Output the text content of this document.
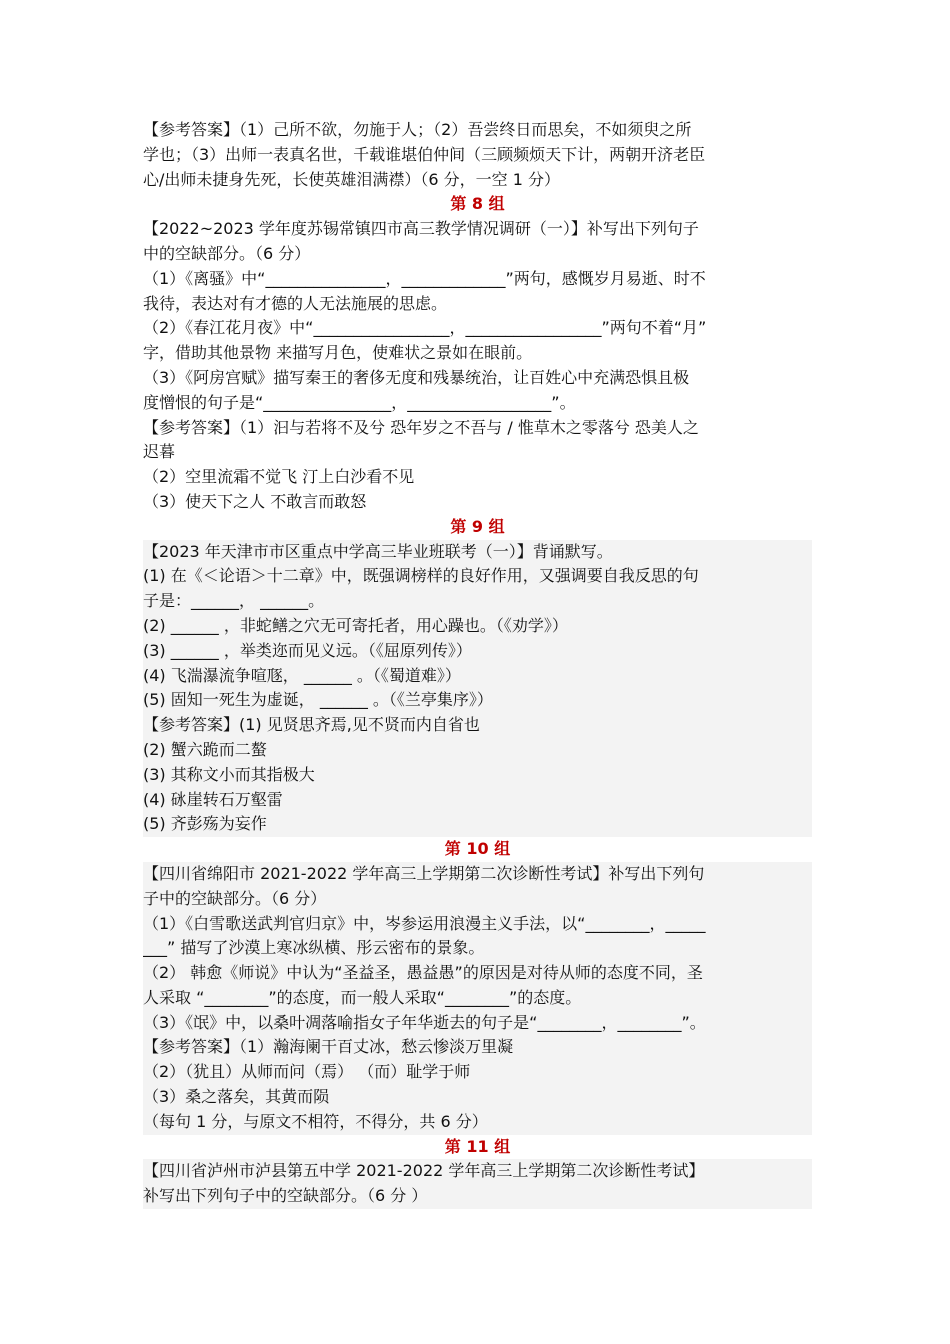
【参考答案】（1）己所不欲，勿施于人；（2）吾尝终日而思矣，不如须臾之所
学也；（3）出师一表真名世，千载谁堪伯仲间（三顾频烦天下计，两朝开济老臣
心/出师未捷身先死，长使英雄泪满襟）（6 分，一空 1 分）
第 8 组
【2022~2023 学年度苏锡常镇四市高三教学情况调研（一）】补写出下列句子
中的空缺部分。（6 分）
（1）《离骚》中“_______________，_____________”两句，感慨岁月易逝、时不
我待，表达对有才德的人无法施展的思虑。
（2）《春江花月夜》中“_________________，_________________”两句不着“月”
字，借助其他景物 来描写月色，使难状之景如在眼前。
（3）《阿房宫赋》描写秦王的奢侈无度和残暴统治，让百姓心中充满恐惧且极
度憎恨的句子是“________________，__________________”。
【参考答案】（1）汩与若将不及兮 恐年岁之不吾与 / 惟草木之零落兮 恐美人之
迟暮
（2）空里流霜不觉飞 汀上白沙看不见
（3）使天下之人 不敢言而敢怒
第 9 组
【2023 年天津市市区重点中学高三毕业班联考（一）】背诵默写。
(1) 在《＜论语＞十二章》中，既强调榜样的良好作用，又强调要自我反思的句
子是：______， ______。
(2) ______ ，非蛇鳝之穴无可寄托者，用心躁也。（《劝学》）
(3) ______ ，举类迩而见义远。（《屈原列传》）
(4) 飞湍瀑流争喧豗， ______ 。（《蜀道难》）
(5) 固知一死生为虚诞， ______ 。（《兰亭集序》）
【参考答案】(1) 见贤思齐焉,见不贤而内自省也
(2) 蟹六跪而二螯
(3) 其称文小而其指极大
(4) 砯崖转石万壑雷
(5) 齐彭殇为妄作
第 10 组
【四川省绵阳市 2021-2022 学年高三上学期第二次诊断性考试】补写出下列句
子中的空缺部分。（6 分）
（1）《白雪歌送武判官归京》中，岑参运用浪漫主义手法，以“________，_____
___” 描写了沙漠上寒冰纵横、彤云密布的景象。
（2） 韩愈《师说》中认为“圣益圣，愚益愚”的原因是对待从师的态度不同，圣
人采取 “________”的态度，而一般人采取“________”的态度。
（3）《氓》中，以桑叶凋落喻指女子年华逝去的句子是“________，________”。
【参考答案】（1）瀚海阑干百丈冰，愁云惨淡万里凝
（2）（犹且）从师而问（焉） （而）耻学于师
（3）桑之落矣，其黄而陨
（每句 1 分，与原文不相符，不得分，共 6 分）
第 11 组
【四川省泸州市泸县第五中学 2021-2022 学年高三上学期第二次诊断性考试】
补写出下列句子中的空缺部分。（6 分 ）
